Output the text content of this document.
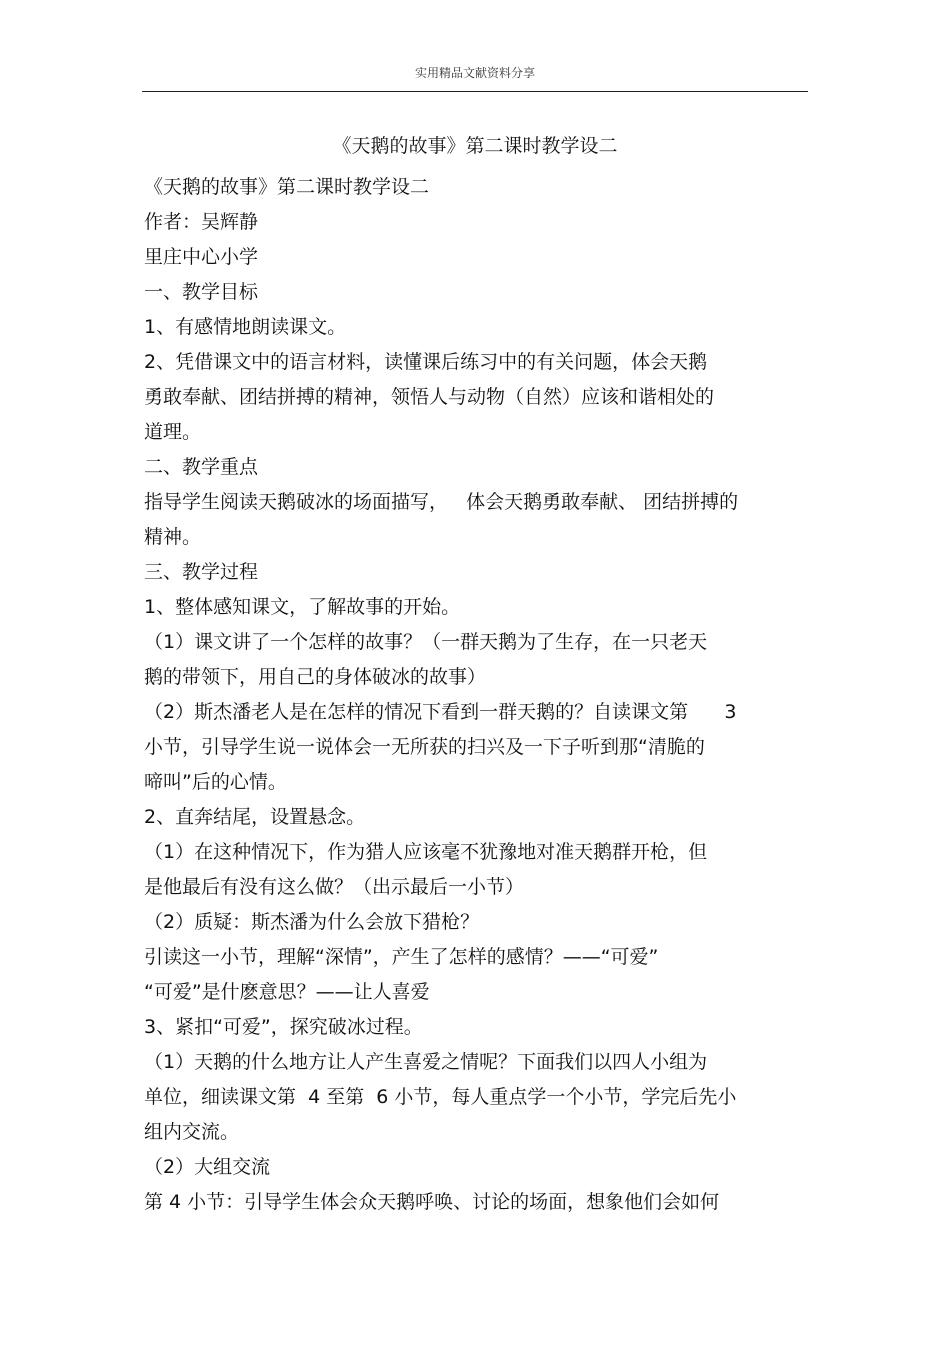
实用精品文献资料分享
《天鹅的故事》第二课时教学设二
《天鹅的故事》第二课时教学设二
作者：吴辉静
里庄中心小学
一、教学目标
1、有感情地朗读课文。
2、凭借课文中的语言材料，读懂课后练习中的有关问题，体会天鹅
勇敢奉献、团结拼搏的精神，领悟人与动物（自然）应该和谐相处的
道理。
二、教学重点
指导学生阅读天鹅破冰的场面描写，   体会天鹅勇敢奉献、 团结拼搏的
精神。
三、教学过程
1、整体感知课文，了解故事的开始。
（1）课文讲了一个怎样的故事？（一群天鹅为了生存，在一只老天
鹅的带领下，用自己的身体破冰的故事）
（2）斯杰潘老人是在怎样的情况下看到一群天鹅的？自读课文第      3
小节，引导学生说一说体会一无所获的扫兴及一下子听到那“清脆的
啼叫”后的心情。
2、直奔结尾，设置悬念。
（1）在这种情况下，作为猎人应该毫不犹豫地对准天鹅群开枪，但
是他最后有没有这么做？（出示最后一小节）
（2）质疑：斯杰潘为什么会放下猎枪？
引读这一小节，理解“深情”，产生了怎样的感情？——“可爱”
“可爱”是什麽意思？——让人喜爱
3、紧扣“可爱”，探究破冰过程。
（1）天鹅的什么地方让人产生喜爱之情呢？下面我们以四人小组为
单位，细读课文第  4 至第  6 小节，每人重点学一个小节，学完后先小
组内交流。
（2）大组交流
第 4 小节：引导学生体会众天鹅呼唤、讨论的场面，想象他们会如何
